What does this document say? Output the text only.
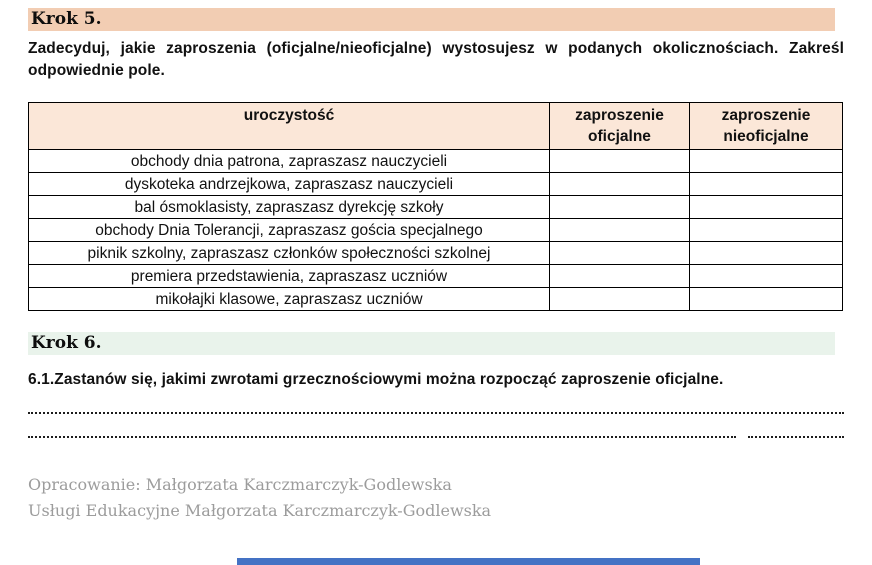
Krok 5.

Zadecyduj, jakie zaproszenia (oficjalne/nieoficjalne) wystosujesz w podanych okolicznościach. Zakreśl odpowiednie pole.

uroczystość	zaproszenie oficjalne	zaproszenie nieoficjalne
obchody dnia patrona, zapraszasz nauczycieli		
dyskoteka andrzejkowa, zapraszasz nauczycieli		
bal ósmoklasisty, zapraszasz dyrekcję szkoły		
obchody Dnia Tolerancji, zapraszasz gościa specjalnego		
piknik szkolny, zapraszasz członków społeczności szkolnej		
premiera przedstawienia, zapraszasz uczniów		
mikołajki klasowe, zapraszasz uczniów		
Krok 6.

6.1.Zastanów się, jakimi zwrotami grzecznościowymi można rozpocząć zaproszenie oficjalne.

Opracowanie: Małgorzata Karczmarczyk-Godlewska
Usługi Edukacyjne Małgorzata Karczmarczyk-Godlewska
